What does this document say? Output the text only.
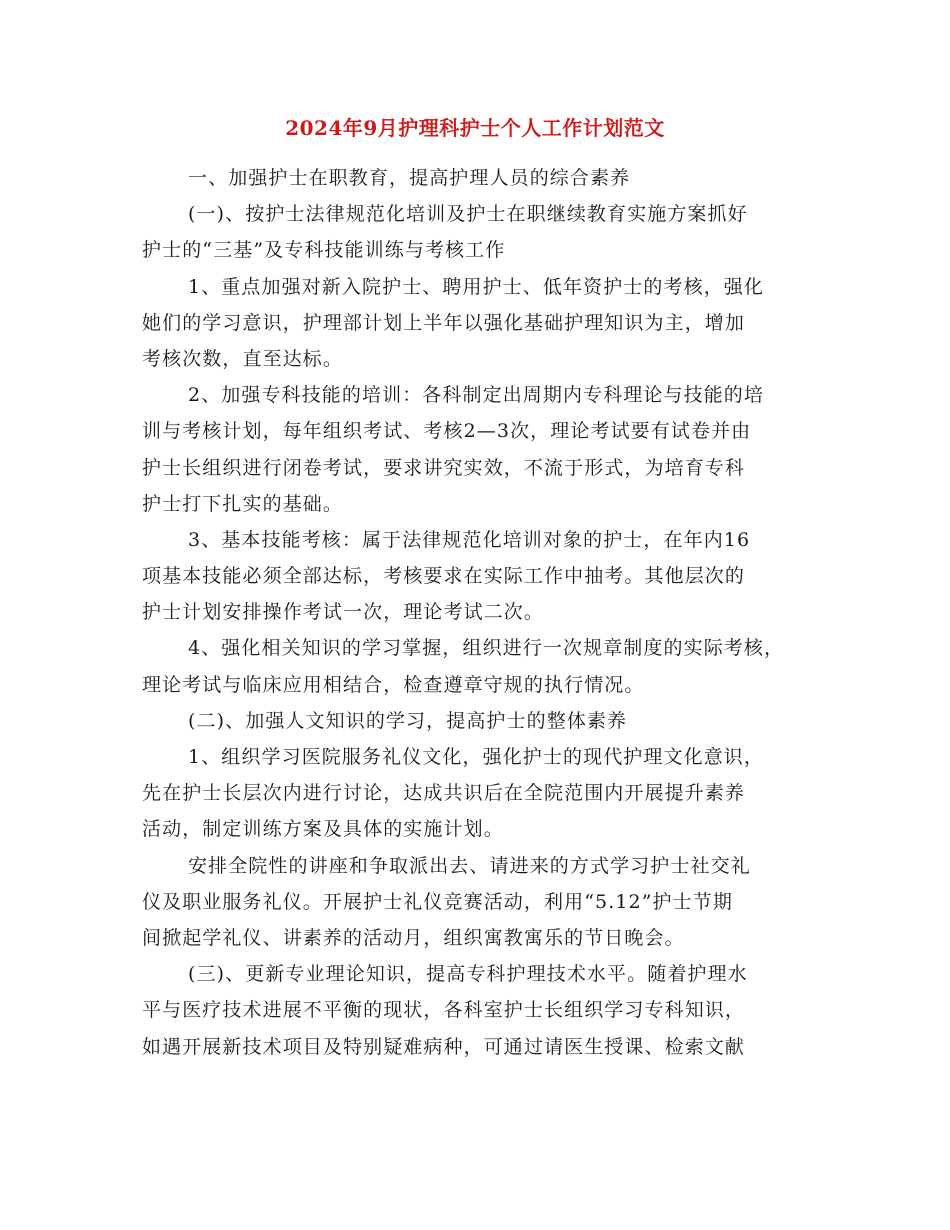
2024年9月护理科护士个人工作计划范文
一、加强护士在职教育，提高护理人员的综合素养
(一)、按护士法律规范化培训及护士在职继续教育实施方案抓好
护士的“三基”及专科技能训练与考核工作
1、重点加强对新入院护士、聘用护士、低年资护士的考核，强化
她们的学习意识，护理部计划上半年以强化基础护理知识为主，增加
考核次数，直至达标。
2、加强专科技能的培训：各科制定出周期内专科理论与技能的培
训与考核计划，每年组织考试、考核2—3次，理论考试要有试卷并由
护士长组织进行闭卷考试，要求讲究实效，不流于形式，为培育专科
护士打下扎实的基础。
3、基本技能考核：属于法律规范化培训对象的护士，在年内16
项基本技能必须全部达标，考核要求在实际工作中抽考。其他层次的
护士计划安排操作考试一次，理论考试二次。
4、强化相关知识的学习掌握，组织进行一次规章制度的实际考核，
理论考试与临床应用相结合，检查遵章守规的执行情况。
(二)、加强人文知识的学习，提高护士的整体素养
1、组织学习医院服务礼仪文化，强化护士的现代护理文化意识，
先在护士长层次内进行讨论，达成共识后在全院范围内开展提升素养
活动，制定训练方案及具体的实施计划。
安排全院性的讲座和争取派出去、请进来的方式学习护士社交礼
仪及职业服务礼仪。开展护士礼仪竞赛活动，利用“5.12”护士节期
间掀起学礼仪、讲素养的活动月，组织寓教寓乐的节日晚会。
(三)、更新专业理论知识，提高专科护理技术水平。随着护理水
平与医疗技术进展不平衡的现状，各科室护士长组织学习专科知识，
如遇开展新技术项目及特别疑难病种，可通过请医生授课、检索文献
